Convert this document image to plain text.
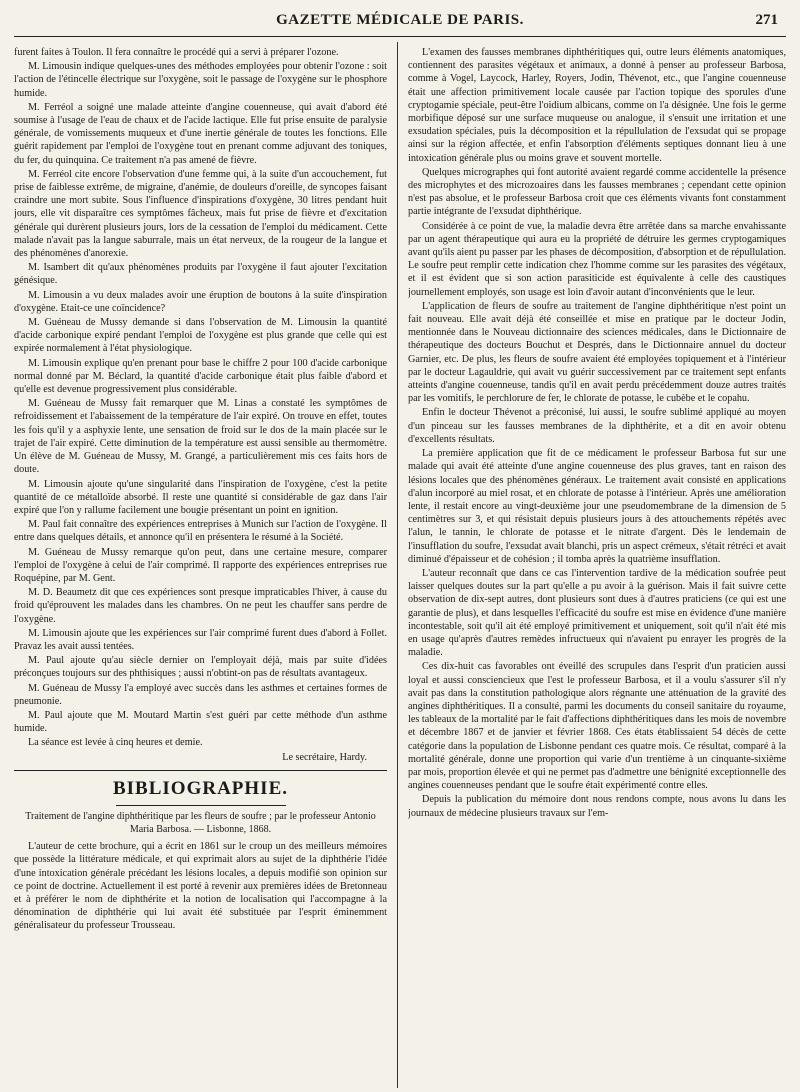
GAZETTE MÉDICALE DE PARIS.	271

furent faites à Toulon. Il fera connaître le procédé qui a servi à préparer l'ozone.

M. Limousin indique quelques-unes des méthodes employées pour obtenir l'ozone : soit l'action de l'étincelle électrique sur l'oxygène, soit le passage de l'oxygène sur le phosphore humide.

M. Ferréol a soigné une malade atteinte d'angine couenneuse, qui avait d'abord été soumise à l'usage de l'eau de chaux et de l'acide lactique. Elle fut prise ensuite de paralysie générale, de vomissements muqueux et d'une inertie générale de toutes les fonctions. Elle guérit rapidement par l'emploi de l'oxygène tout en prenant comme adjuvant des toniques, du fer, du quinquina. Ce traitement n'a pas amené de fièvre.

M. Ferréol cite encore l'observation d'une femme qui, à la suite d'un accouchement, fut prise de faiblesse extrême, de migraine, d'anémie, de douleurs d'oreille, de syncopes faisant craindre une mort subite. Sous l'influence d'inspirations d'oxygène, 30 litres pendant huit jours, elle vit disparaître ces symptômes fâcheux, mais fut prise de fièvre et d'excitation générale qui durèrent plusieurs jours, lors de la cessation de l'emploi du médicament. Cette malade n'avait pas la langue saburrale, mais un état nerveux, de la rougeur de la langue et des phénomènes d'anorexie.

M. Isambert dit qu'aux phénomènes produits par l'oxygène il faut ajouter l'excitation génésique.

M. Limousin a vu deux malades avoir une éruption de boutons à la suite d'inspiration d'oxygène. Etait-ce une coïncidence?

M. Guéneau de Mussy demande si dans l'observation de M. Limousin la quantité d'acide carbonique expiré pendant l'emploi de l'oxygène est plus grande que celle qui est expirée normalement à l'état physiologique.

M. Limousin explique qu'en prenant pour base le chiffre 2 pour 100 d'acide carbonique normal donné par M. Béclard, la quantité d'acide carbonique était plus faible d'abord et qu'elle est devenue progressivement plus considérable.

M. Guéneau de Mussy fait remarquer que M. Linas a constaté les symptômes de refroidissement et l'abaissement de la température de l'air expiré. On trouve en effet, toutes les fois qu'il y a asphyxie lente, une sensation de froid sur le dos de la main placée sur le trajet de l'air expiré. Cette diminution de la température est aussi sensible au thermomètre. Un élève de M. Guéneau de Mussy, M. Grangé, a particulièrement mis ces faits hors de doute.

M. Limousin ajoute qu'une singularité dans l'inspiration de l'oxygène, c'est la petite quantité de ce métalloïde absorbé. Il reste une quantité si considérable de gaz dans l'air expiré que l'on y rallume facilement une bougie présentant un point en ignition.

M. Paul fait connaître des expériences entreprises à Munich sur l'action de l'oxygène. Il entre dans quelques détails, et annonce qu'il en présentera le résumé à la Société.

M. Guéneau de Mussy remarque qu'on peut, dans une certaine mesure, comparer l'emploi de l'oxygène à celui de l'air comprimé. Il rapporte des expériences entreprises rue Roquépine, par M. Gent.

M. D. Beaumetz dit que ces expériences sont presque impraticables l'hiver, à cause du froid qu'éprouvent les malades dans les chambres. On ne peut les chauffer sans perdre de l'oxygène.

M. Limousin ajoute que les expériences sur l'air comprimé furent dues d'abord à Follet. Pravaz les avait aussi tentées.

M. Paul ajoute qu'au siècle dernier on l'employait déjà, mais par suite d'idées préconçues toujours sur des phthisiques ; aussi n'obtint-on pas de résultats avantageux.

M. Guéneau de Mussy l'a employé avec succès dans les asthmes et certaines formes de pneumonie.

M. Paul ajoute que M. Moutard Martin s'est guéri par cette méthode d'un asthme humide.

La séance est levée à cinq heures et demie.

Le secrétaire, Hardy.

BIBLIOGRAPHIE.

Traitement de l'angine diphthéritique par les fleurs de soufre ; par le professeur Antonio Maria Barbosa. — Lisbonne, 1868.

L'auteur de cette brochure, qui a écrit en 1861 sur le croup un des meilleurs mémoires que possède la littérature médicale, et qui exprimait alors au sujet de la diphthérie l'idée d'une intoxication générale précédant les lésions locales, a depuis modifié son opinion sur ce point de doctrine. Actuellement il est porté à revenir aux premières idées de Bretonneau et à préférer le nom de diphthérite et la notion de localisation qui l'accompagne à la dénomination de diphthérie qui lui avait été substituée par l'esprit éminemment généralisateur du professeur Trousseau.

L'examen des fausses membranes diphthéritiques qui, outre leurs éléments anatomiques, contiennent des parasites végétaux et animaux, a donné à penser au professeur Barbosa, comme à Vogel, Laycock, Harley, Royers, Jodin, Thévenot, etc., que l'angine couenneuse était une affection primitivement locale causée par l'action topique des sporules d'une cryptogamie spéciale, peut-être l'oidium albicans, comme on l'a désignée. Une fois le germe morbifique déposé sur une surface muqueuse ou analogue, il s'ensuit une irritation et une exsudation spéciales, puis la décomposition et la répullulation de l'exsudat qui se propage ainsi sur la région affectée, et enfin l'absorption d'éléments septiques donnant lieu à une intoxication générale plus ou moins grave et souvent mortelle.

Quelques micrographes qui font autorité avaient regardé comme accidentelle la présence des microphytes et des microzoaires dans les fausses membranes ; cependant cette opinion n'est pas absolue, et le professeur Barbosa croit que ces éléments vivants font constamment partie intégrante de l'exsudat diphthérique.

Considérée à ce point de vue, la maladie devra être arrêtée dans sa marche envahissante par un agent thérapeutique qui aura eu la propriété de détruire les germes cryptogamiques avant qu'ils aient pu passer par les phases de décomposition, d'absorption et de répullulation. Le soufre peut remplir cette indication chez l'homme comme sur les parasites des végétaux, et il est évident que si son action parasiticide est équivalente à celle des caustiques journellement employés, son usage est loin d'avoir autant d'inconvénients que le leur.

L'application de fleurs de soufre au traitement de l'angine diphthéritique n'est point un fait nouveau. Elle avait déjà été conseillée et mise en pratique par le docteur Jodin, mentionnée dans le Nouveau dictionnaire des sciences médicales, dans le Dictionnaire de thérapeutique des docteurs Bouchut et Després, dans le Dictionnaire annuel du docteur Garnier, etc. De plus, les fleurs de soufre avaient été employées topiquement et à l'intérieur par le docteur Lagauldrie, qui avait vu guérir successivement par ce traitement sept enfants atteints d'angine couenneuse, tandis qu'il en avait perdu précédemment douze autres traités par les vomitifs, le perchlorure de fer, le chlorate de potasse, le cubèbe et le copahu.

Enfin le docteur Thévenot a préconisé, lui aussi, le soufre sublimé appliqué au moyen d'un pinceau sur les fausses membranes de la diphthérite, et a dit en avoir obtenu d'excellents résultats.

La première application que fit de ce médicament le professeur Barbosa fut sur une malade qui avait été atteinte d'une angine couenneuse des plus graves, tant en raison des lésions locales que des phénomènes généraux. Le traitement avait consisté en applications d'alun incorporé au miel rosat, et en chlorate de potasse à l'intérieur. Après une amélioration lente, il restait encore au vingt-deuxième jour une pseudomembrane de la dimension de 5 centimètres sur 3, et qui résistait depuis plusieurs jours à des attouchements répétés avec l'alun, le tannin, le chlorate de potasse et le nitrate d'argent. Dès le lendemain de l'insufflation du soufre, l'exsudat avait blanchi, pris un aspect crémeux, s'était rétréci et avait diminué d'épaisseur et de cohésion ; il tomba après la quatrième insufflation.

L'auteur reconnaît que dans ce cas l'intervention tardive de la médication soufrée peut laisser quelques doutes sur la part qu'elle a pu avoir à la guérison. Mais il fait suivre cette observation de dix-sept autres, dont plusieurs sont dues à d'autres praticiens (ce qui est une garantie de plus), et dans lesquelles l'efficacité du soufre est mise en évidence d'une manière incontestable, soit qu'il ait été employé primitivement et uniquement, soit qu'il n'ait été mis en usage qu'après d'autres remèdes infructueux qui n'avaient pu enrayer les progrès de la maladie.

Ces dix-huit cas favorables ont éveillé des scrupules dans l'esprit d'un praticien aussi loyal et aussi consciencieux que l'est le professeur Barbosa, et il a voulu s'assurer s'il n'y avait pas dans la constitution pathologique alors régnante une atténuation de la gravité des angines diphthéritiques. Il a consulté, parmi les documents du conseil sanitaire du royaume, les tableaux de la mortalité par le fait d'affections diphthéritiques dans les mois de novembre et décembre 1867 et de janvier et février 1868. Ces états établissaient 54 décès de cette catégorie dans la population de Lisbonne pendant ces quatre mois. Ce résultat, comparé à la mortalité générale, donne une proportion qui varie d'un trentième à un cinquante-sixième par mois, proportion élevée et qui ne permet pas d'admettre une bénignité exceptionnelle des angines couenneuses pendant que le soufre était expérimenté contre elles.

Depuis la publication du mémoire dont nous rendons compte, nous avons lu dans les journaux de médecine plusieurs travaux sur l'em-
